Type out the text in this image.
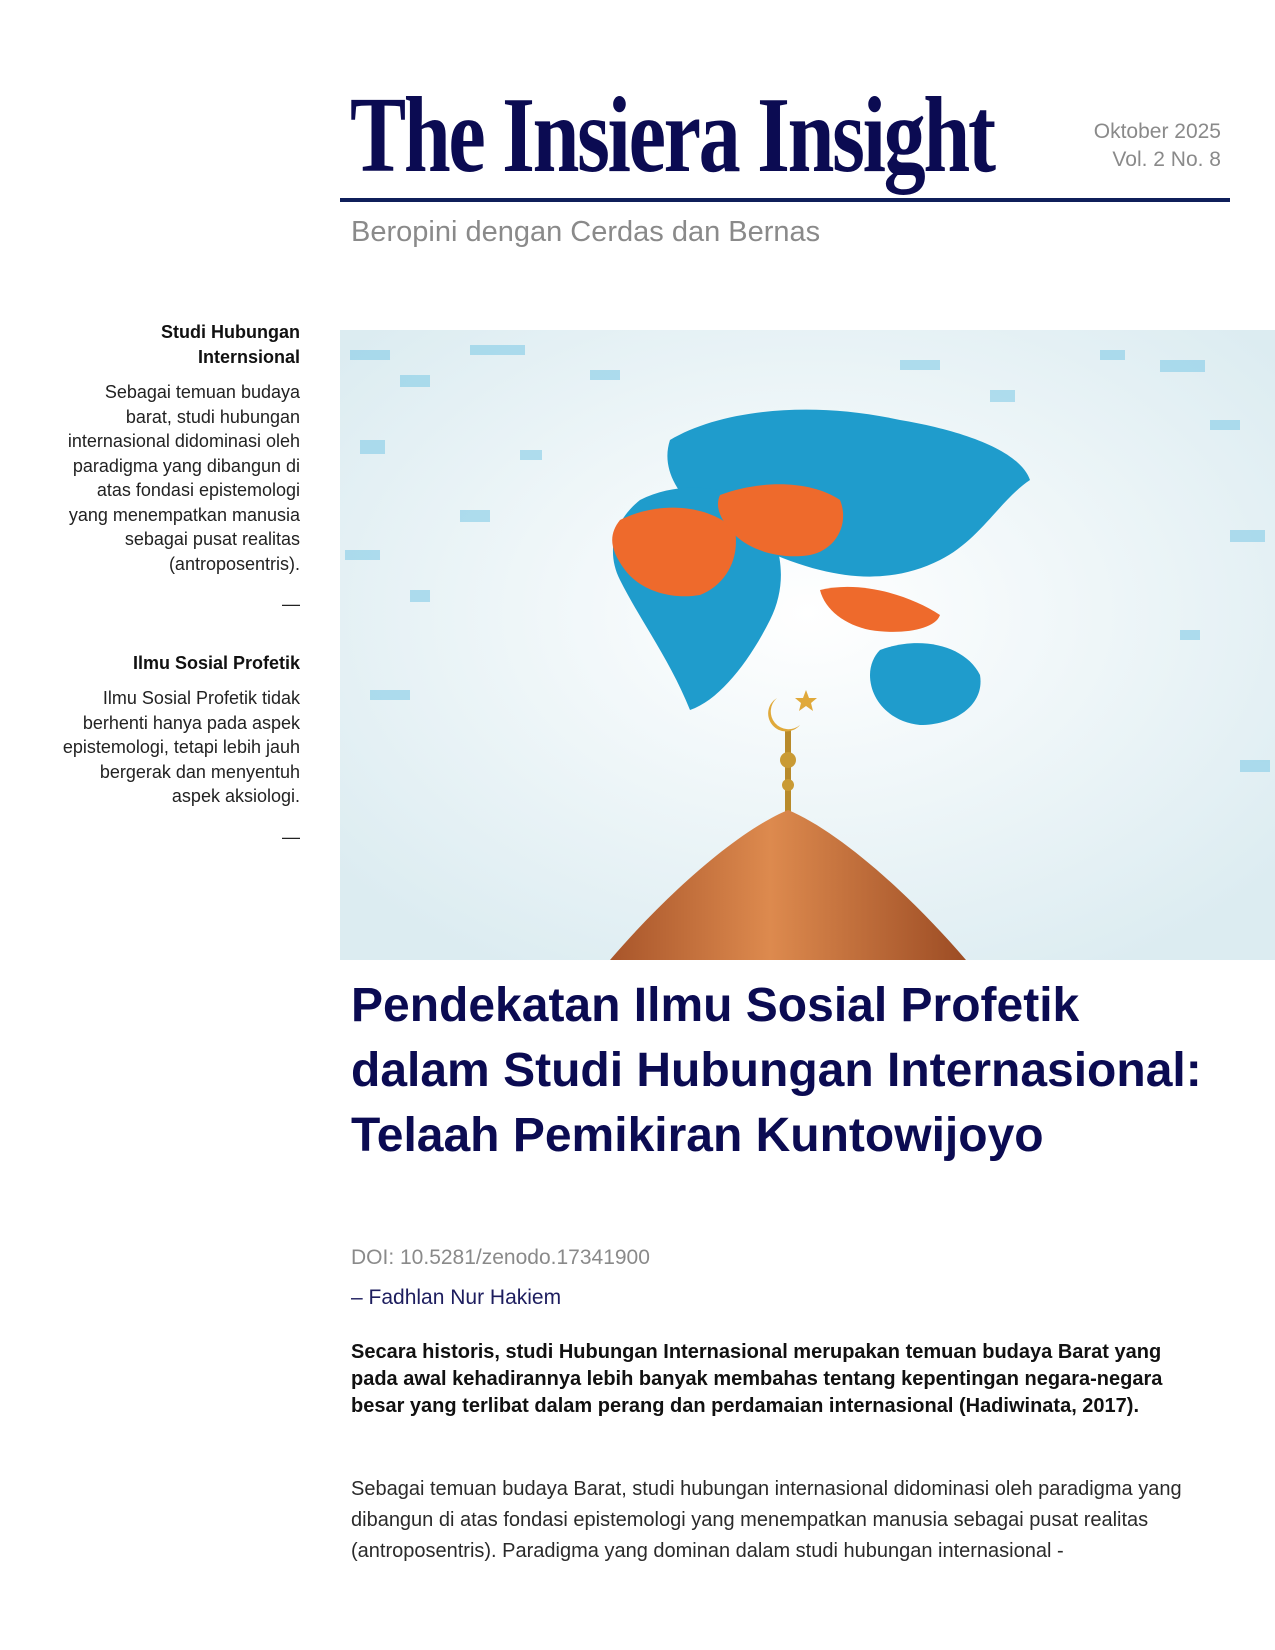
The Insiera Insight	Oktober 2025
Vol. 2 No. 8
Beropini dengan Cerdas dan Bernas
Studi Hubungan
Internsional
Sebagai temuan budaya barat, studi hubungan internasional didominasi oleh paradigma yang dibangun di atas fondasi epistemologi yang menempatkan manusia sebagai pusat realitas (antroposentris).
—
Ilmu Sosial Profetik
Ilmu Sosial Profetik tidak berhenti hanya pada aspek epistemologi, tetapi lebih jauh bergerak dan menyentuh aspek aksiologi.
—
Pendekatan Ilmu Sosial Profetik dalam Studi Hubungan Internasional: Telaah Pemikiran Kuntowijoyo
DOI: 10.5281/zenodo.17341900
– Fadhlan Nur Hakiem

Secara historis, studi Hubungan Internasional merupakan temuan budaya Barat yang pada awal kehadirannya lebih banyak membahas tentang kepentingan negara-negara besar yang terlibat dalam perang dan perdamaian internasional (Hadiwinata, 2017).

Sebagai temuan budaya Barat, studi hubungan internasional didominasi oleh paradigma yang dibangun di atas fondasi epistemologi yang menempatkan manusia sebagai pusat realitas (antroposentris). Paradigma yang dominan dalam studi hubungan internasional -
